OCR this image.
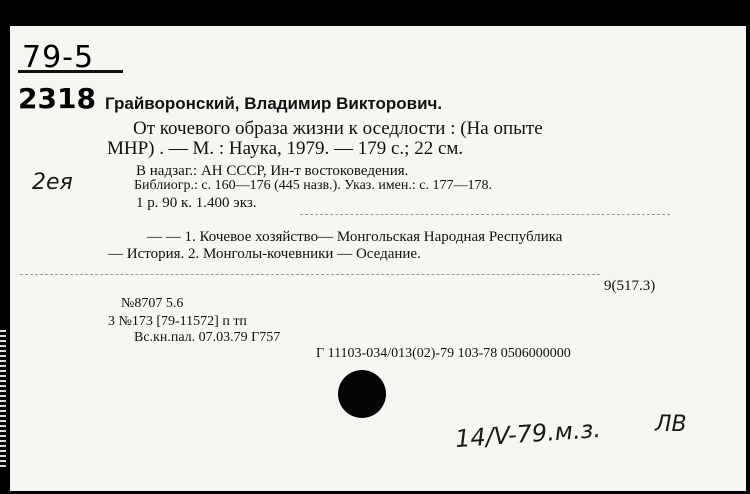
79-5
2318
2ея
Грайворонский, Владимир Викторович.
От кочевого образа жизни к оседлости : (На опыте
МНР) . — М. : Наука, 1979. — 179 с.; 22 см.
В надзаг.: АН СССР, Ин-т востоковедения.
Библиогр.: с. 160—176 (445 назв.). Указ. имен.: с. 177—178.
1 р. 90 к. 1.400 экз.
— — 1. Кочевое хозяйство— Монгольская Народная Республика
— История. 2. Монголы-кочевники — Оседание.
9(517.3)
№8707 5.6
3 №173 [79-11572] п тп
Вс.кн.пал. 07.03.79 Г757
Г 11103-034/013(02)-79 103-78 0506000000
14/V-79.м.з. ЛВ
